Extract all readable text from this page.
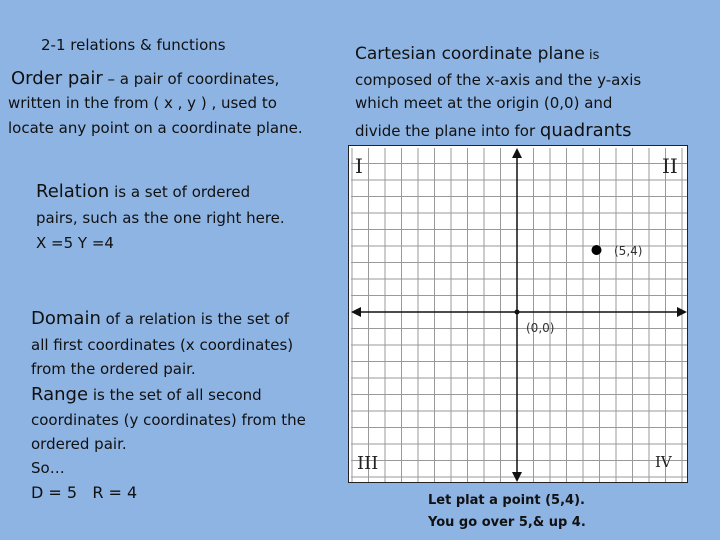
2-1 relations & functions
Order pair – a pair of coordinates,
written in the from ( x , y ) , used to
locate any point on a coordinate plane.
Relation is a set of ordered
pairs, such as the one right here.
X =5 Y =4
Domain of a relation is the set of
all first coordinates (x coordinates)
from the ordered pair.
Range is the set of all second
coordinates (y coordinates) from the
ordered pair.
So…
D = 5   R = 4
Cartesian coordinate plane is
composed of the x-axis and the y-axis
which meet at the origin (0,0) and
divide the plane into for quadrants
I	II
III	IV
(5,4)
(0,0)
Let plat a point (5,4).
You go over 5,& up 4.
